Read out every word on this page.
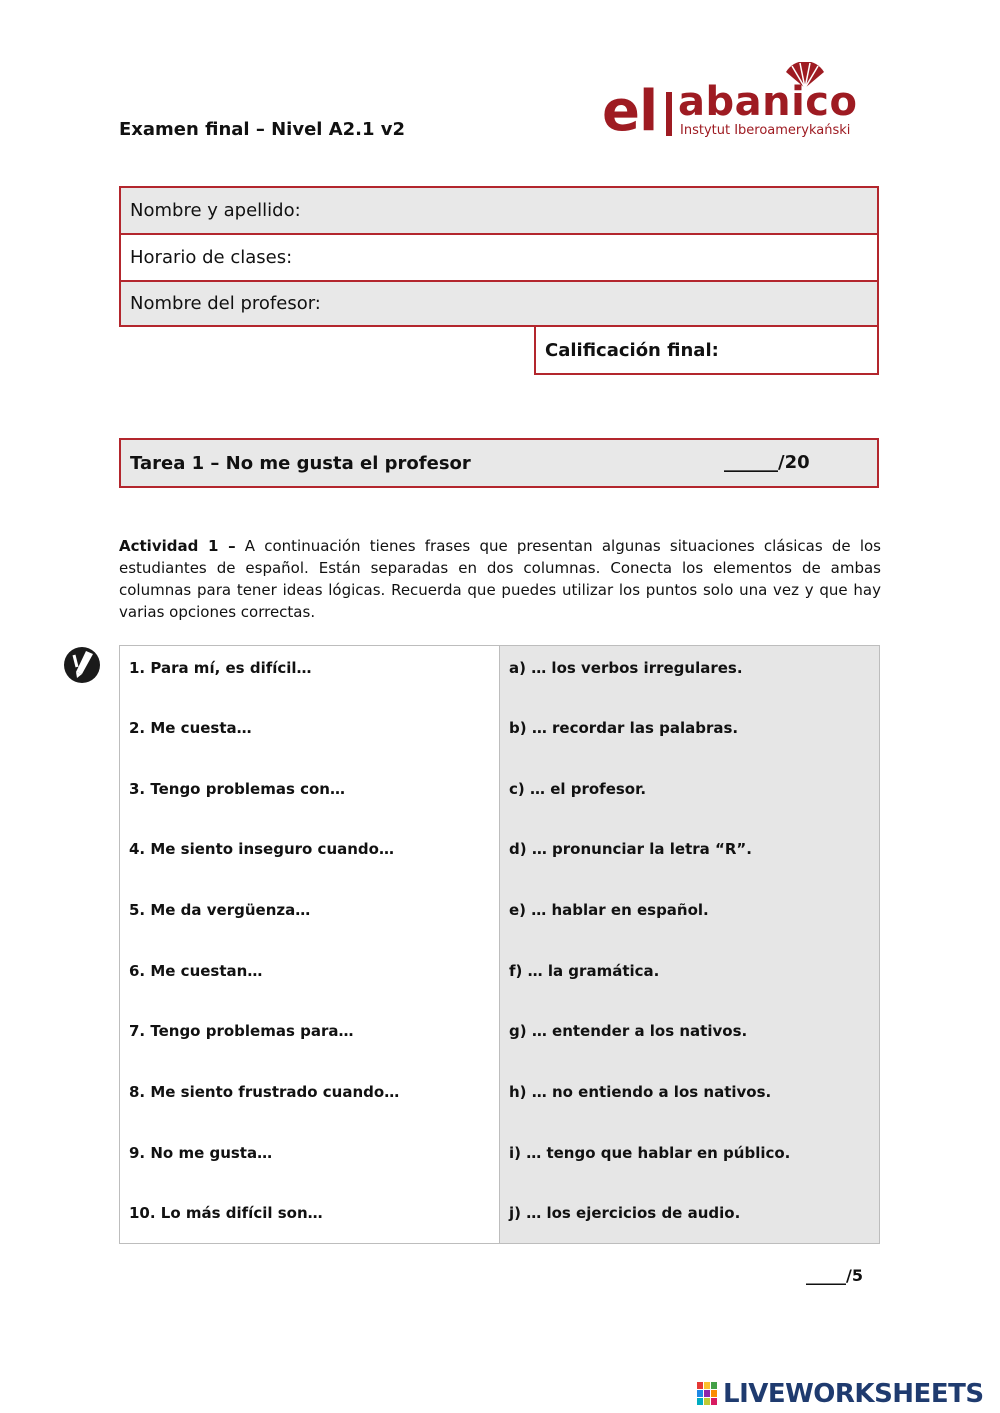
Examen final – Nivel A2.1 v2	el abanico
Instytut Iberoamerykański
Nombre y apellido:
Horario de clases:
Nombre del profesor:
Calificación final:
Tarea 1 – No me gusta el profesor	______/20
Actividad 1 – A continuación tienes frases que presentan algunas situaciones clásicas de los estudiantes de español. Están separadas en dos columnas. Conecta los elementos de ambas columnas para tener ideas lógicas. Recuerda que puedes utilizar los puntos solo una vez y que hay varias opciones correctas.
1. Para mí, es difícil…
2. Me cuesta…
3. Tengo problemas con…
4. Me siento inseguro cuando…
5. Me da vergüenza…
6. Me cuestan…
7. Tengo problemas para…
8. Me siento frustrado cuando…
9. No me gusta…
10. Lo más difícil son…
a) … los verbos irregulares.
b) … recordar las palabras.
c) … el profesor.
d) … pronunciar la letra “R”.
e) … hablar en español.
f) … la gramática.
g) … entender a los nativos.
h) … no entiendo a los nativos.
i) … tengo que hablar en público.
j) … los ejercicios de audio.
_____/5
LIVEWORKSHEETS
